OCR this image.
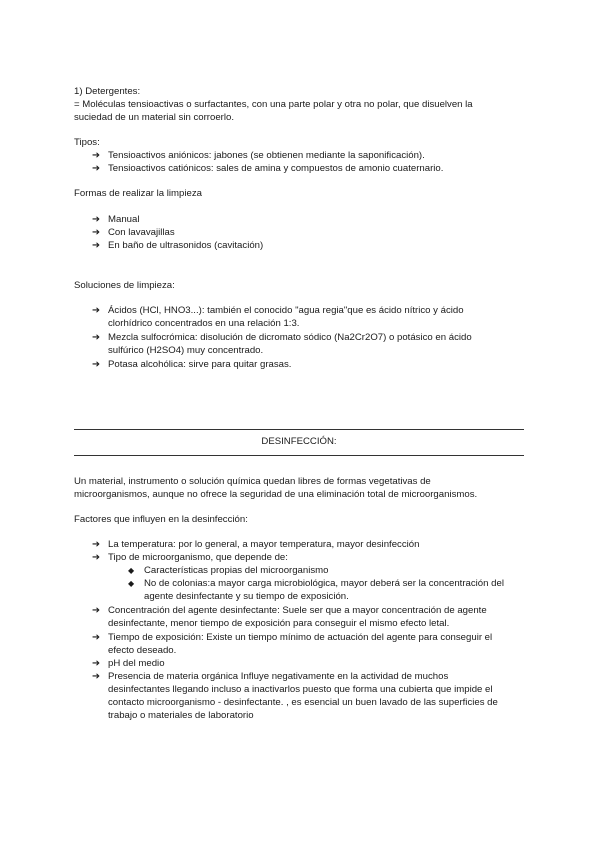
1) Detergentes:
= Moléculas tensioactivas o surfactantes, con una parte polar y otra no polar, que disuelven la
suciedad de un material sin corroerlo.
Tipos:
➔ Tensioactivos aniónicos: jabones (se obtienen mediante la saponificación).
➔ Tensioactivos catiónicos: sales de amina y compuestos de amonio cuaternario.
Formas de realizar la limpieza
➔ Manual
➔ Con lavavajillas
➔ En baño de ultrasonidos (cavitación)
Soluciones de limpieza:
➔ Ácidos (HCl, HNO3...): también el conocido "agua regia"que es ácido nítrico y ácido
clorhídrico concentrados en una relación 1:3.
➔ Mezcla sulfocrómica: disolución de dicromato sódico (Na2Cr2O7) o potásico en ácido
sulfúrico (H2SO4) muy concentrado.
➔ Potasa alcohólica: sirve para quitar grasas.
DESINFECCIÓN:
Un material, instrumento o solución química quedan libres de formas vegetativas de
microorganismos, aunque no ofrece la seguridad de una eliminación total de microorganismos.
Factores que influyen en la desinfección:
➔ La temperatura: por lo general, a mayor temperatura, mayor desinfección
➔ Tipo de microorganismo, que depende de:
◆	Características propias del microorganismo
◆	No de colonias:a mayor carga microbiológica, mayor deberá ser la concentración del
agente desinfectante y su tiempo de exposición.
➔ Concentración del agente desinfectante: Suele ser que a mayor concentración de agente
desinfectante, menor tiempo de exposición para conseguir el mismo efecto letal.
➔ Tiempo de exposición: Existe un tiempo mínimo de actuación del agente para conseguir el
efecto deseado.
➔ pH del medio
➔ Presencia de materia orgánica Influye negativamente en la actividad de muchos
desinfectantes llegando incluso a inactivarlos puesto que forma una cubierta que impide el
contacto microorganismo - desinfectante. , es esencial un buen lavado de las superficies de
trabajo o materiales de laboratorio
